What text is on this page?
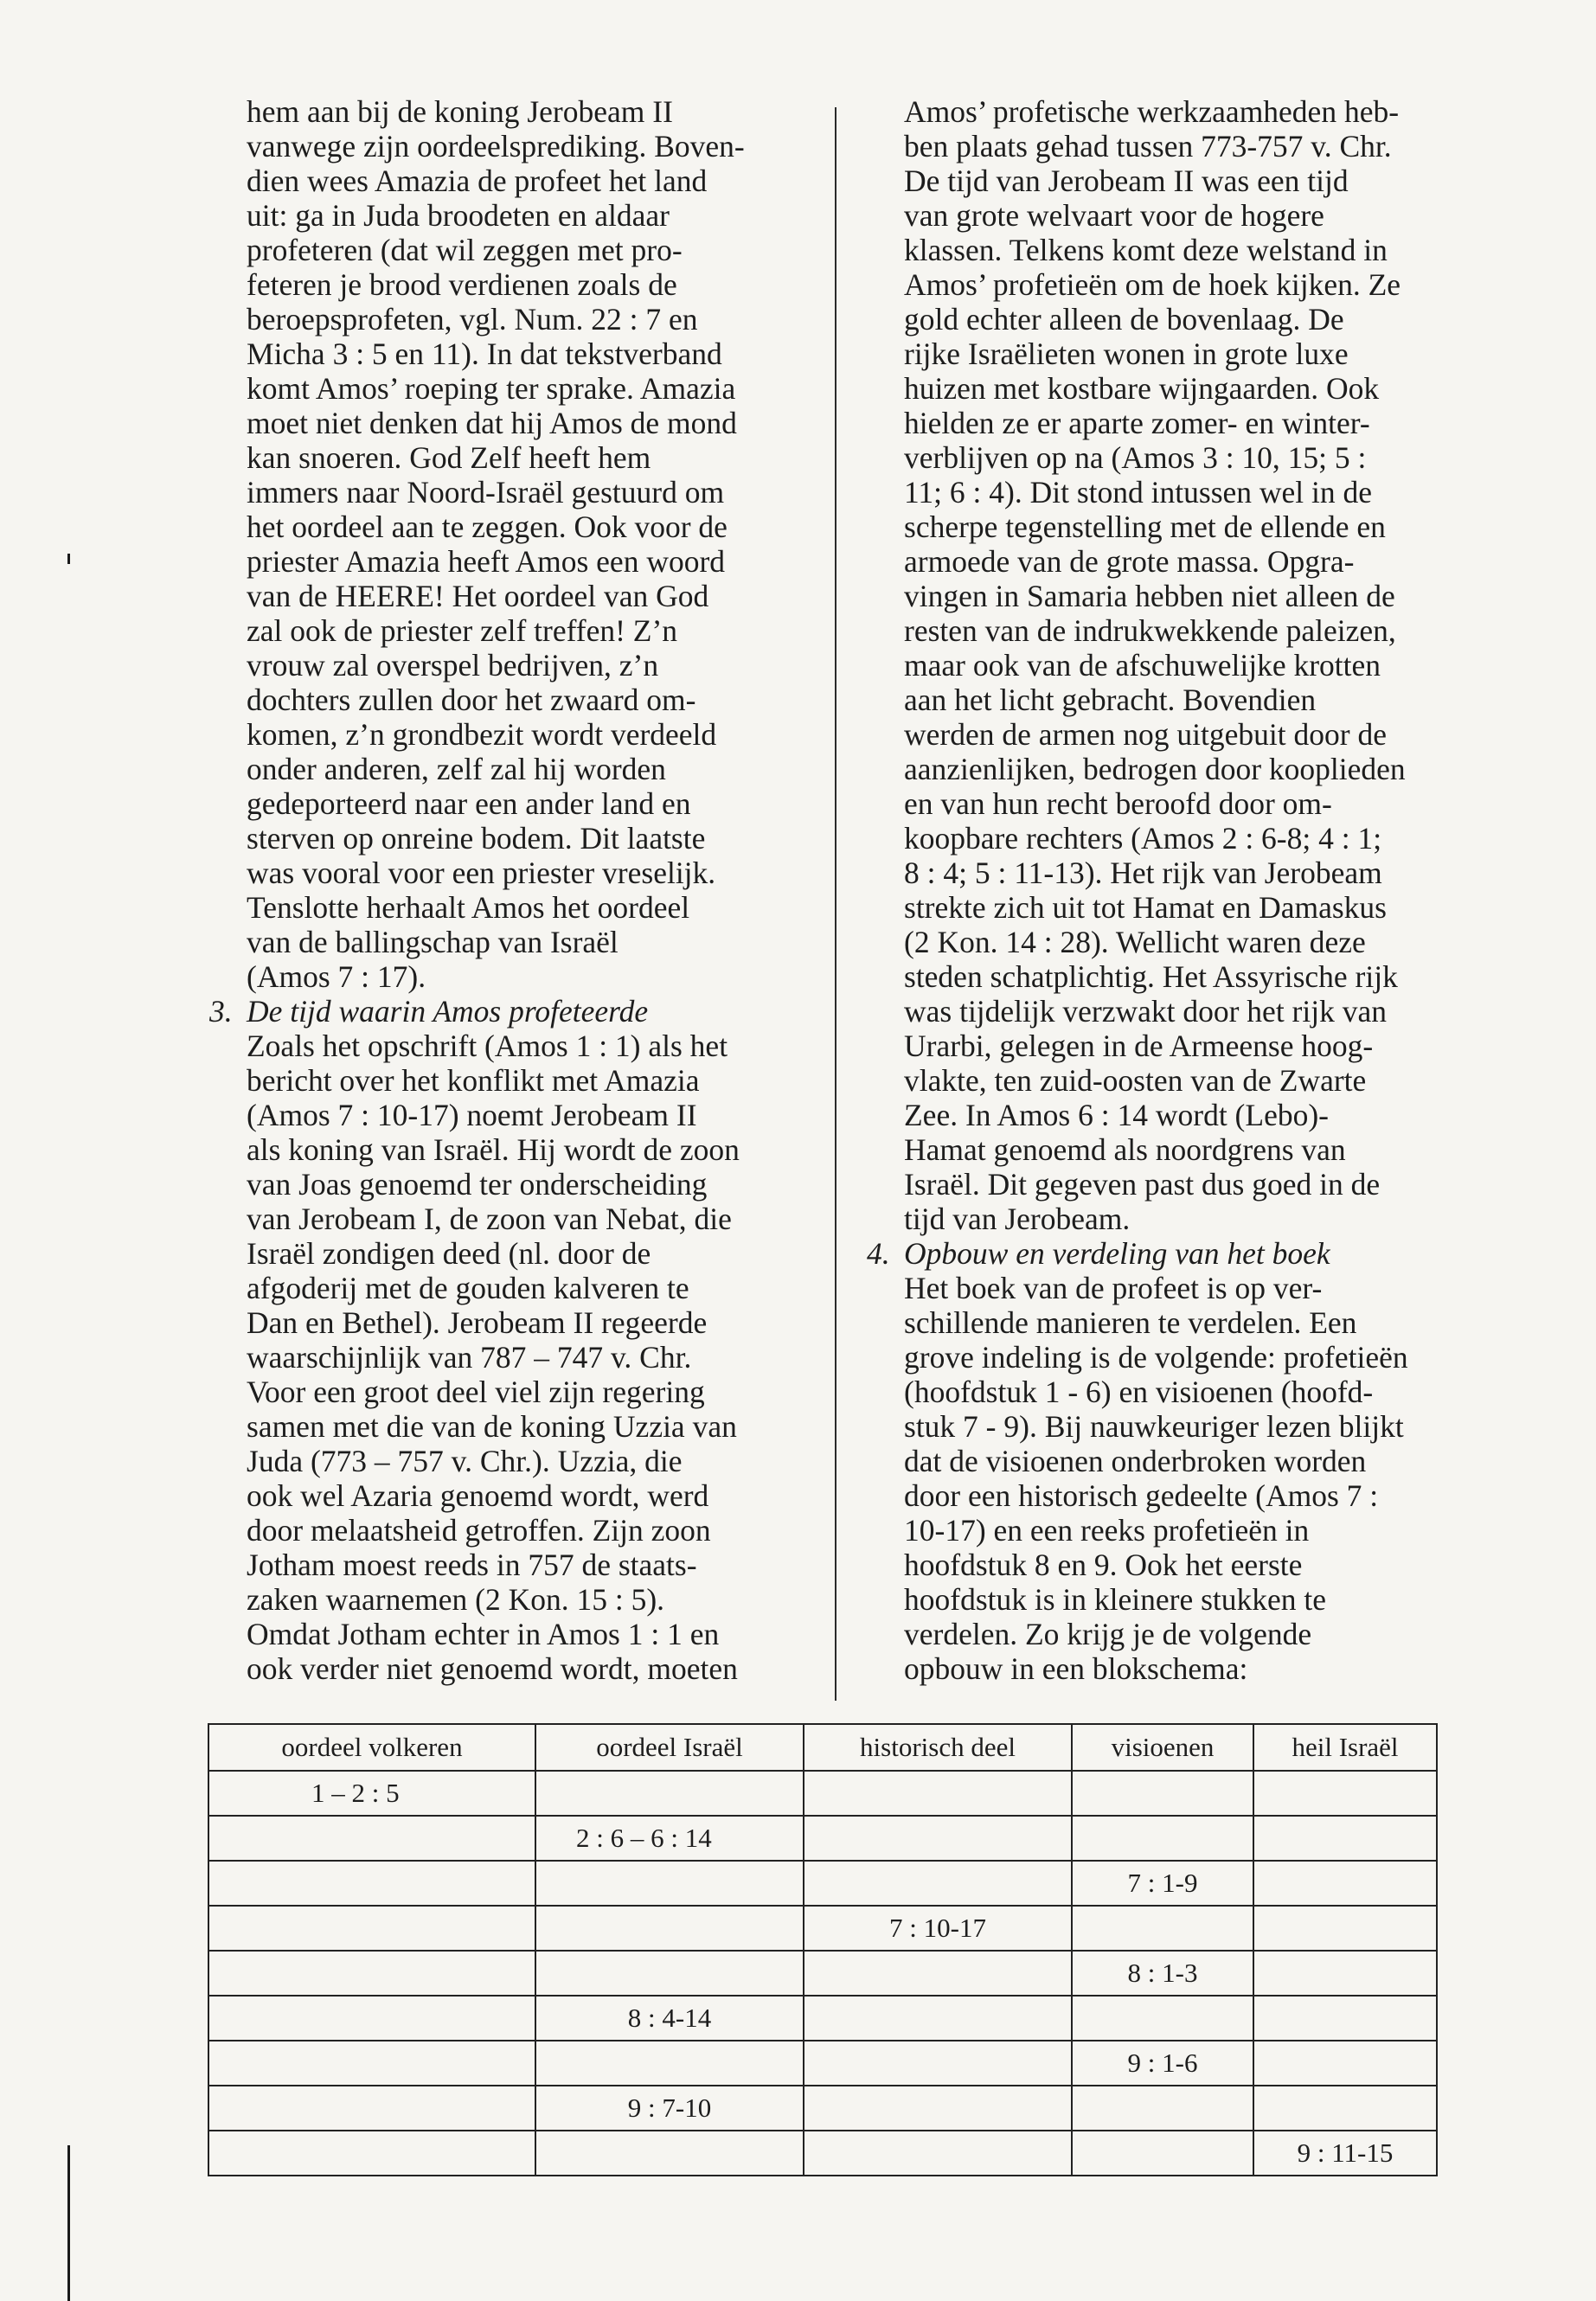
hem aan bij de koning Jerobeam II
vanwege zijn oordeelsprediking. Boven-
dien wees Amazia de profeet het land
uit: ga in Juda broodeten en aldaar
profeteren (dat wil zeggen met pro-
feteren je brood verdienen zoals de
beroepsprofeten, vgl. Num. 22 : 7 en
Micha 3 : 5 en 11). In dat tekstverband
komt Amos’ roeping ter sprake. Amazia
moet niet denken dat hij Amos de mond
kan snoeren. God Zelf heeft hem
immers naar Noord-Israël gestuurd om
het oordeel aan te zeggen. Ook voor de
priester Amazia heeft Amos een woord
van de HEERE! Het oordeel van God
zal ook de priester zelf treffen! Z’n
vrouw zal overspel bedrijven, z’n
dochters zullen door het zwaard om-
komen, z’n grondbezit wordt verdeeld
onder anderen, zelf zal hij worden
gedeporteerd naar een ander land en
sterven op onreine bodem. Dit laatste
was vooral voor een priester vreselijk.
Tenslotte herhaalt Amos het oordeel
van de ballingschap van Israël
(Amos 7 : 17).
3. De tijd waarin Amos profeteerde
Zoals het opschrift (Amos 1 : 1) als het
bericht over het konflikt met Amazia
(Amos 7 : 10-17) noemt Jerobeam II
als koning van Israël. Hij wordt de zoon
van Joas genoemd ter onderscheiding
van Jerobeam I, de zoon van Nebat, die
Israël zondigen deed (nl. door de
afgoderij met de gouden kalveren te
Dan en Bethel). Jerobeam II regeerde
waarschijnlijk van 787 – 747 v. Chr.
Voor een groot deel viel zijn regering
samen met die van de koning Uzzia van
Juda (773 – 757 v. Chr.). Uzzia, die
ook wel Azaria genoemd wordt, werd
door melaatsheid getroffen. Zijn zoon
Jotham moest reeds in 757 de staats-
zaken waarnemen (2 Kon. 15 : 5).
Omdat Jotham echter in Amos 1 : 1 en
ook verder niet genoemd wordt, moeten
Amos’ profetische werkzaamheden heb-
ben plaats gehad tussen 773-757 v. Chr.
De tijd van Jerobeam II was een tijd
van grote welvaart voor de hogere
klassen. Telkens komt deze welstand in
Amos’ profetieën om de hoek kijken. Ze
gold echter alleen de bovenlaag. De
rijke Israëlieten wonen in grote luxe
huizen met kostbare wijngaarden. Ook
hielden ze er aparte zomer- en winter-
verblijven op na (Amos 3 : 10, 15; 5 :
11; 6 : 4). Dit stond intussen wel in de
scherpe tegenstelling met de ellende en
armoede van de grote massa. Opgra-
vingen in Samaria hebben niet alleen de
resten van de indrukwekkende paleizen,
maar ook van de afschuwelijke krotten
aan het licht gebracht. Bovendien
werden de armen nog uitgebuit door de
aanzienlijken, bedrogen door kooplieden
en van hun recht beroofd door om-
koopbare rechters (Amos 2 : 6-8; 4 : 1;
8 : 4; 5 : 11-13). Het rijk van Jerobeam
strekte zich uit tot Hamat en Damaskus
(2 Kon. 14 : 28). Wellicht waren deze
steden schatplichtig. Het Assyrische rijk
was tijdelijk verzwakt door het rijk van
Urarbi, gelegen in de Armeense hoog-
vlakte, ten zuid-oosten van de Zwarte
Zee. In Amos 6 : 14 wordt (Lebo)-
Hamat genoemd als noordgrens van
Israël. Dit gegeven past dus goed in de
tijd van Jerobeam.
4. Opbouw en verdeling van het boek
Het boek van de profeet is op ver-
schillende manieren te verdelen. Een
grove indeling is de volgende: profetieën
(hoofdstuk 1 - 6) en visioenen (hoofd-
stuk 7 - 9). Bij nauwkeuriger lezen blijkt
dat de visioenen onderbroken worden
door een historisch gedeelte (Amos 7 :
10-17) en een reeks profetieën in
hoofdstuk 8 en 9. Ook het eerste
hoofdstuk is in kleinere stukken te
verdelen. Zo krijg je de volgende
opbouw in een blokschema:
oordeel volkeren	oordeel Israël	historisch deel	visioenen	heil Israël
1 – 2 : 5				
	2 : 6 – 6 : 14			
			7 : 1-9	
		7 : 10-17		
			8 : 1-3	
	8 : 4-14			
			9 : 1-6	
	9 : 7-10			
				9 : 11-15
